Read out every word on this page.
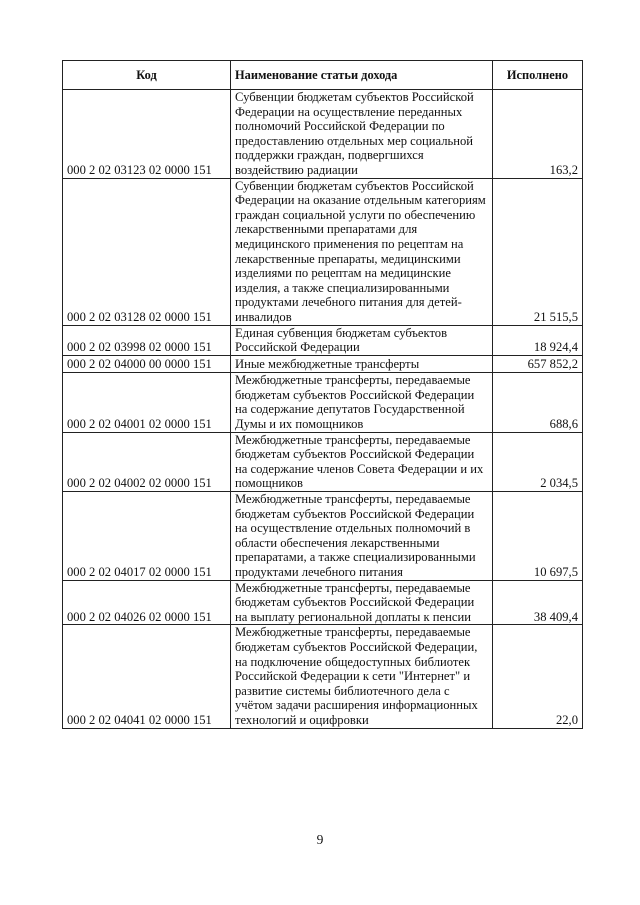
Код	Наименование статьи дохода	Исполнено
000 2 02 03123 02 0000 151	Субвенции бюджетам субъектов Российской Федерации на осуществление переданных полномочий Российской Федерации по предоставлению отдельных мер социальной поддержки граждан, подвергшихся воздействию радиации	163,2
000 2 02 03128 02 0000 151	Субвенции бюджетам субъектов Российской Федерации на оказание отдельным категориям граждан социальной услуги по обеспечению лекарственными препаратами для медицинского применения по рецептам на лекарственные препараты, медицинскими изделиями по рецептам на медицинские изделия, а также специализированными продуктами лечебного питания для детей-инвалидов	21 515,5
000 2 02 03998 02 0000 151	Единая субвенция бюджетам субъектов Российской Федерации	18 924,4
000 2 02 04000 00 0000 151	Иные межбюджетные трансферты	657 852,2
000 2 02 04001 02 0000 151	Межбюджетные трансферты, передаваемые бюджетам субъектов Российской Федерации на содержание депутатов Государственной Думы и их помощников	688,6
000 2 02 04002 02 0000 151	Межбюджетные трансферты, передаваемые бюджетам субъектов Российской Федерации на содержание членов Совета Федерации и их помощников	2 034,5
000 2 02 04017 02 0000 151	Межбюджетные трансферты, передаваемые бюджетам субъектов Российской Федерации на осуществление отдельных полномочий в области обеспечения лекарственными препаратами, а также специализированными продуктами лечебного питания	10 697,5
000 2 02 04026 02 0000 151	Межбюджетные трансферты, передаваемые бюджетам субъектов Российской Федерации на выплату региональной доплаты к пенсии	38 409,4
000 2 02 04041 02 0000 151	Межбюджетные трансферты, передаваемые бюджетам субъектов Российской Федерации, на подключение общедоступных библиотек Российской Федерации к сети "Интернет" и развитие системы библиотечного дела с учётом задачи расширения информационных технологий и оцифровки	22,0
9
